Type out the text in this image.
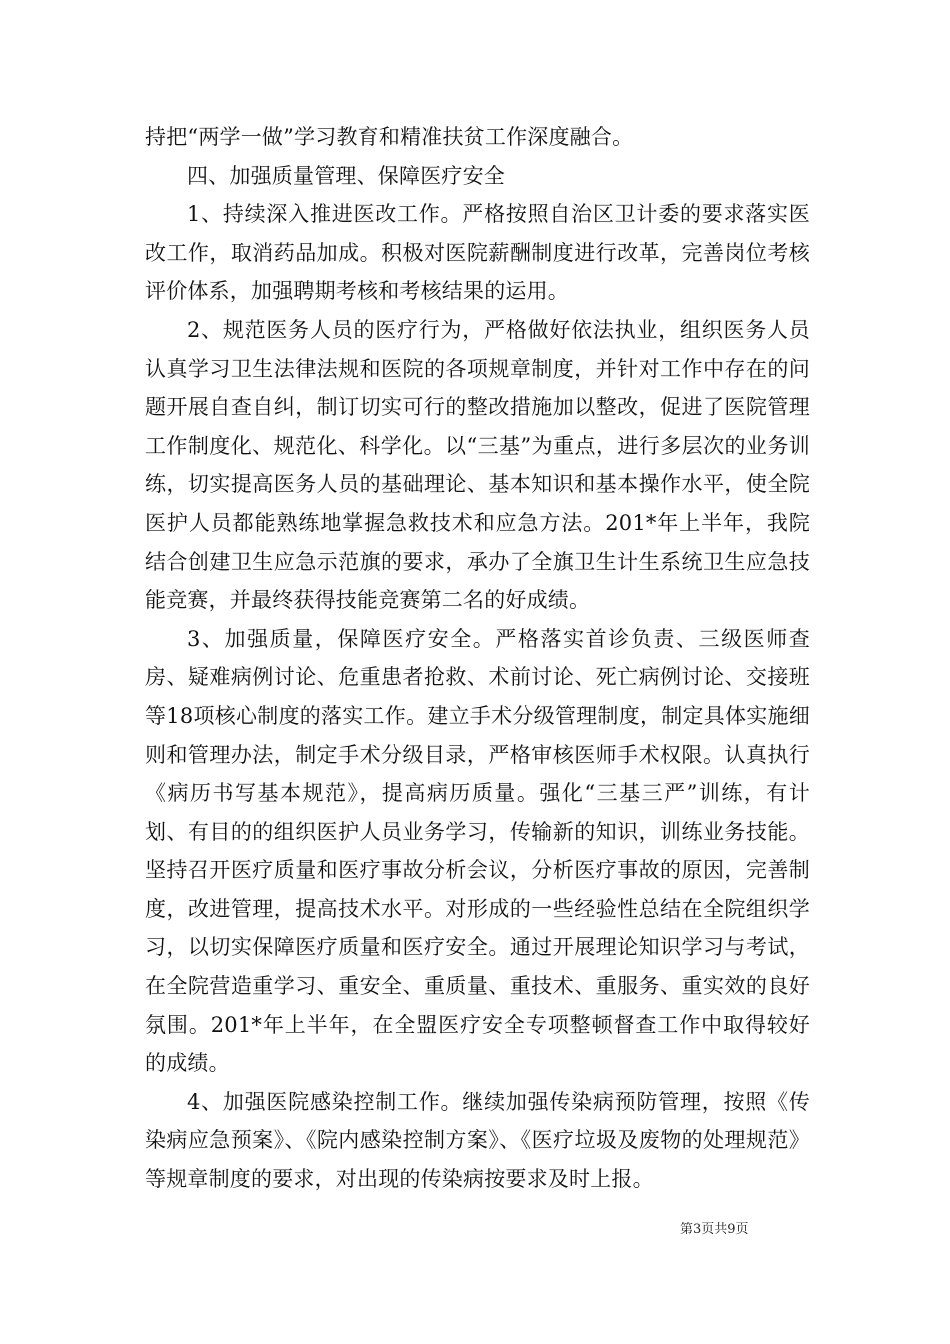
持把“两学一做”学习教育和精准扶贫工作深度融合。

四、加强质量管理、保障医疗安全

1、持续深入推进医改工作。严格按照自治区卫计委的要求落实医改工作，取消药品加成。积极对医院薪酬制度进行改革，完善岗位考核评价体系，加强聘期考核和考核结果的运用。

2、规范医务人员的医疗行为，严格做好依法执业，组织医务人员认真学习卫生法律法规和医院的各项规章制度，并针对工作中存在的问题开展自查自纠，制订切实可行的整改措施加以整改，促进了医院管理工作制度化、规范化、科学化。以“三基”为重点，进行多层次的业务训练，切实提高医务人员的基础理论、基本知识和基本操作水平，使全院医护人员都能熟练地掌握急救技术和应急方法。201*年上半年，我院结合创建卫生应急示范旗的要求，承办了全旗卫生计生系统卫生应急技能竞赛，并最终获得技能竞赛第二名的好成绩。

3、加强质量，保障医疗安全。严格落实首诊负责、三级医师查房、疑难病例讨论、危重患者抢救、术前讨论、死亡病例讨论、交接班等18项核心制度的落实工作。建立手术分级管理制度，制定具体实施细则和管理办法，制定手术分级目录，严格审核医师手术权限。认真执行《病历书写基本规范》，提高病历质量。强化“三基三严”训练，有计划、有目的的组织医护人员业务学习，传输新的知识，训练业务技能。坚持召开医疗质量和医疗事故分析会议，分析医疗事故的原因，完善制度，改进管理，提高技术水平。对形成的一些经验性总结在全院组织学习，以切实保障医疗质量和医疗安全。通过开展理论知识学习与考试，在全院营造重学习、重安全、重质量、重技术、重服务、重实效的良好氛围。201*年上半年，在全盟医疗安全专项整顿督查工作中取得较好的成绩。

4、加强医院感染控制工作。继续加强传染病预防管理，按照《传染病应急预案》、《院内感染控制方案》、《医疗垃圾及废物的处理规范》等规章制度的要求，对出现的传染病按要求及时上报。

第3页共9页
